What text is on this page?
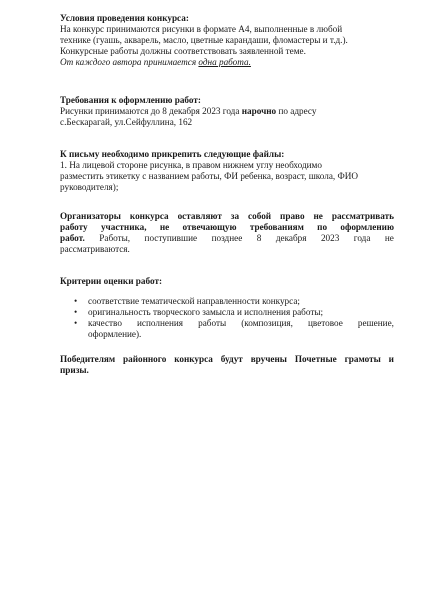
Условия проведения конкурса:
На конкурс принимаются рисунки в формате А4, выполненные в любой
технике (гуашь, акварель, масло, цветные карандаши, фломастеры и т.д.).
Конкурсные работы должны соответствовать заявленной теме.
От каждого автора принимается одна работа.
Требования к оформлению работ:
Рисунки принимаются до 8 декабря 2023 года нарочно по адресу
с.Бескарагай, ул.Сейфуллина, 162
К письму необходимо прикрепить следующие файлы:
1. На лицевой стороне рисунка, в правом нижнем углу необходимо
разместить этикетку с названием работы, ФИ ребенка, возраст, школа, ФИО
руководителя);
Организаторы конкурса оставляют за собой право не рассматривать
работу участника, не отвечающую требованиям по оформлению
работ. Работы, поступившие позднее 8 декабря 2023 года не
рассматриваются.
Критерии оценки работ:
• соответствие тематической направленности конкурса;
• оригинальность творческого замысла и исполнения работы;
• качество исполнения работы (композиция, цветовое решение,
оформление).
Победителям районного конкурса будут вручены Почетные грамоты и
призы.
